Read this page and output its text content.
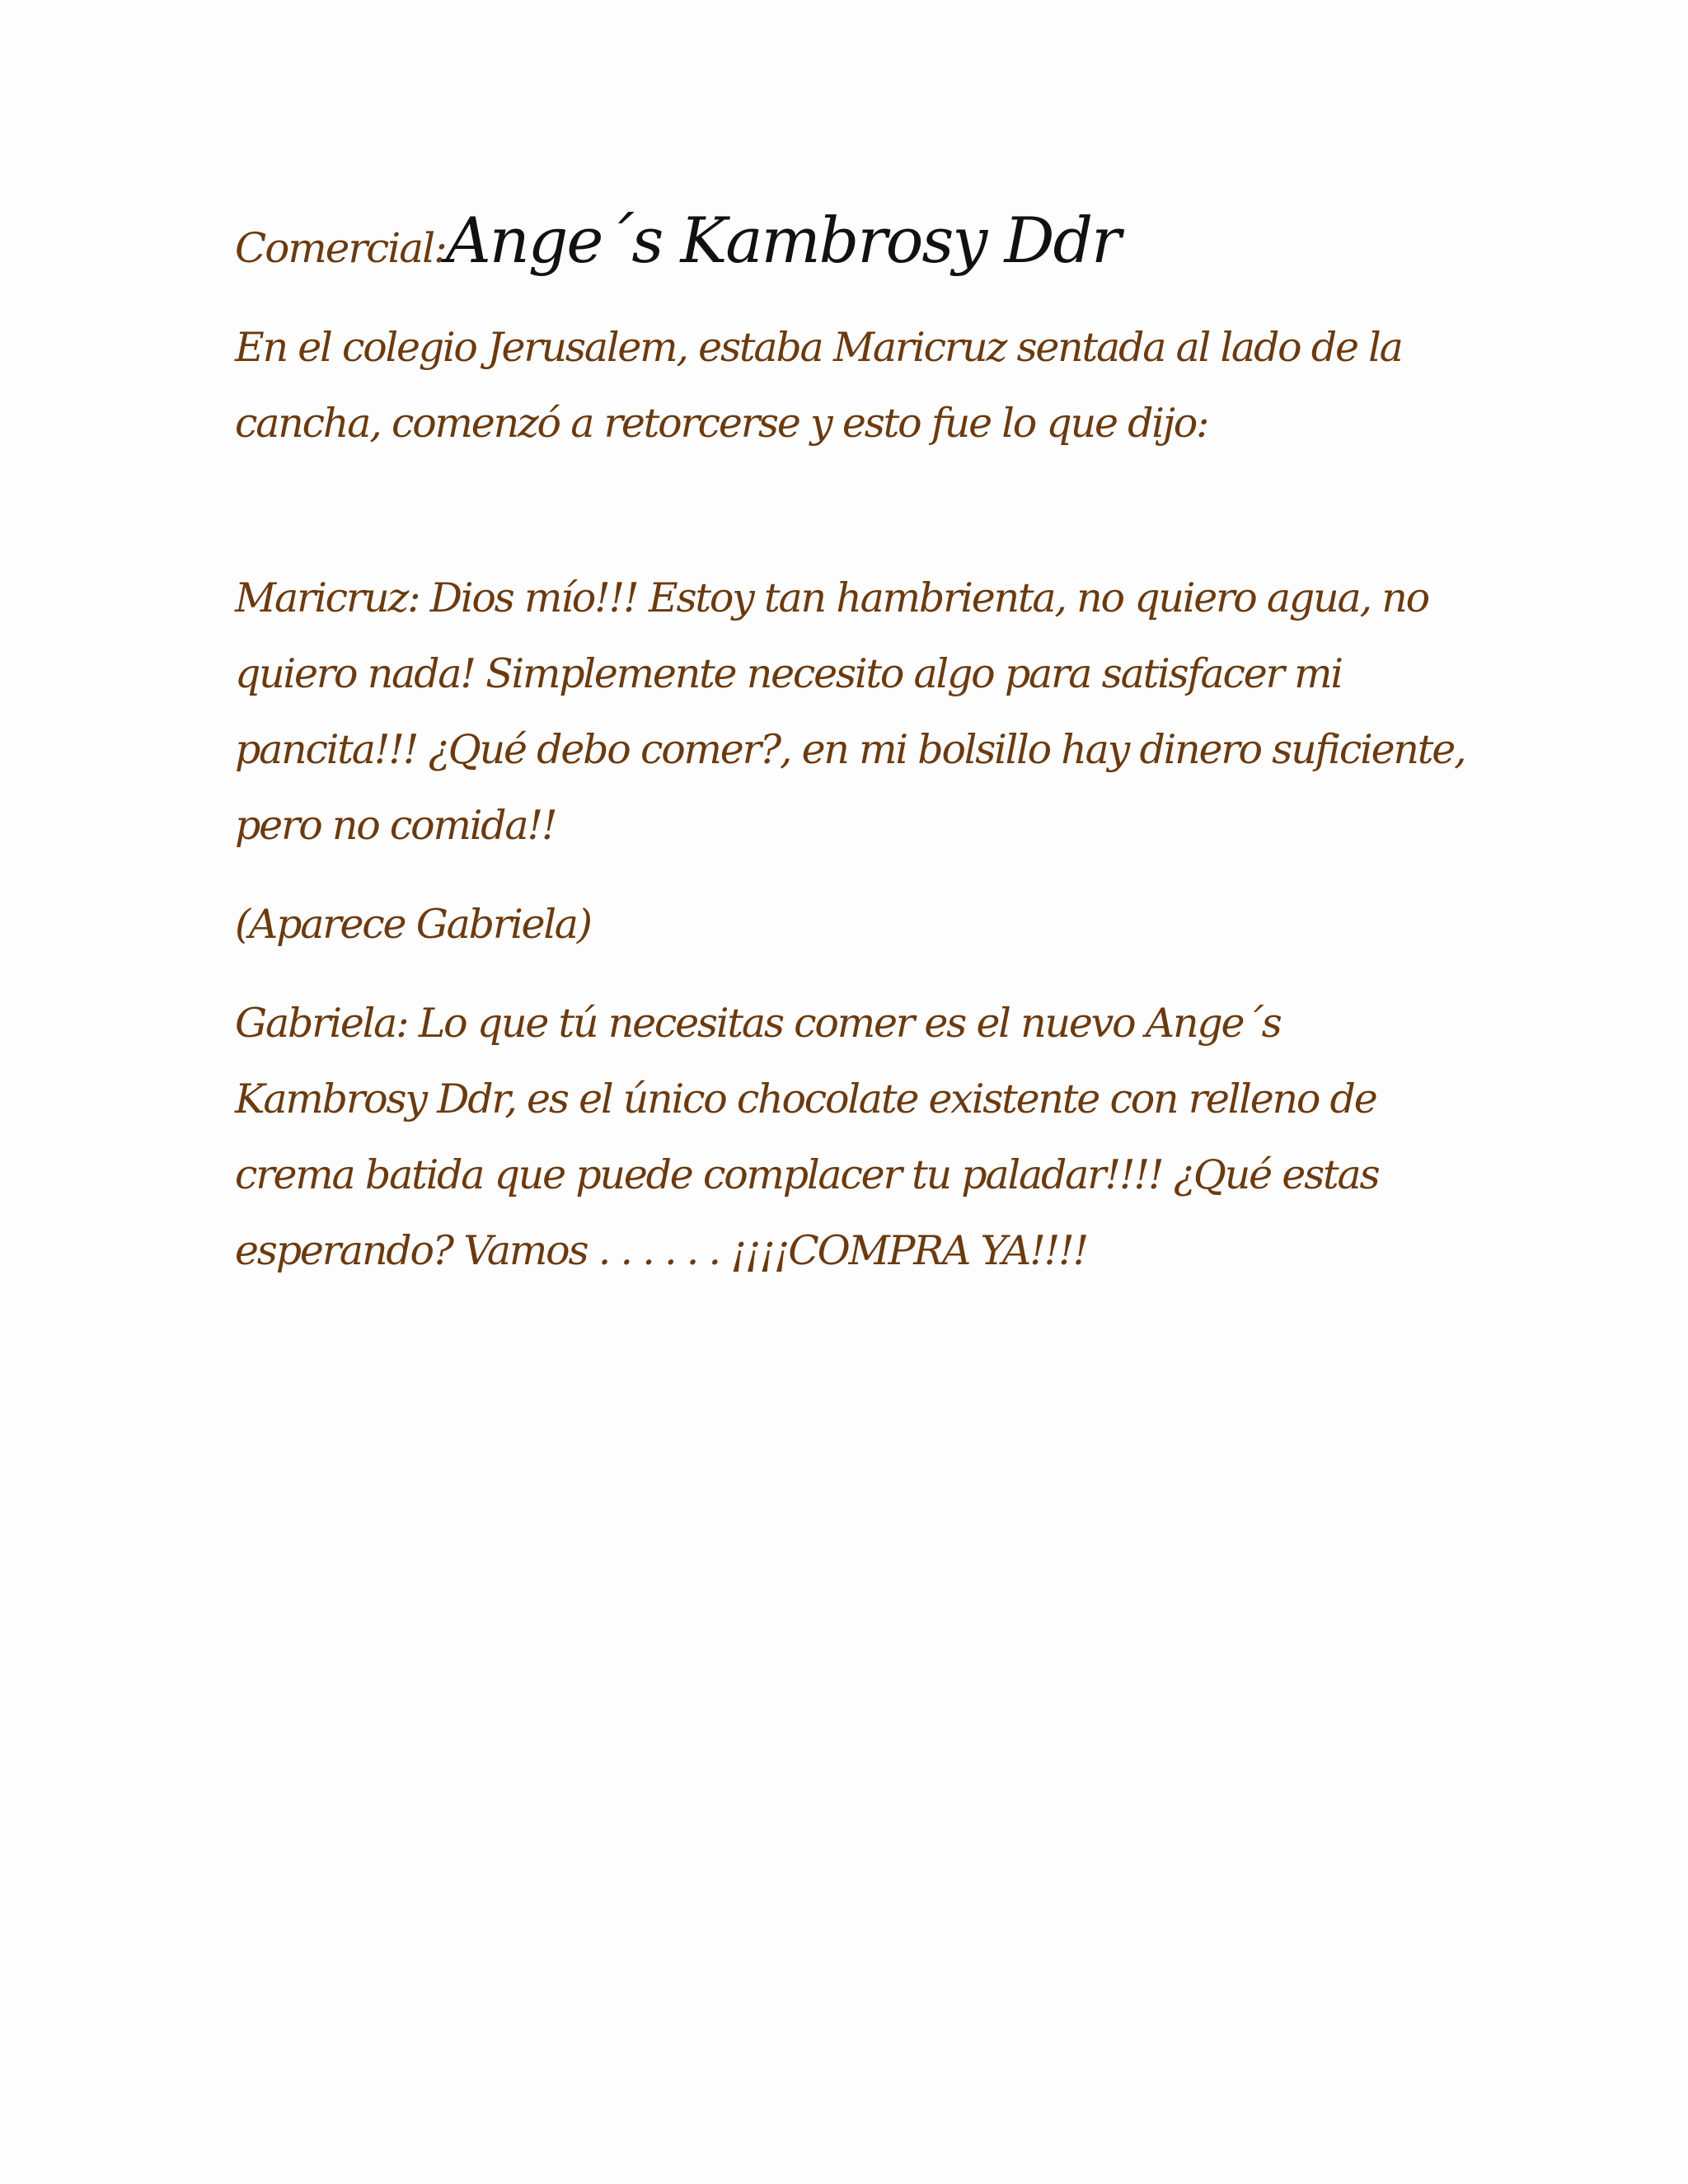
Comercial:Ange´s Kambrosy Ddr

En el colegio Jerusalem, estaba Maricruz sentada al lado de la cancha, comenzó a retorcerse y esto fue lo que dijo:

Maricruz: Dios mío!!! Estoy tan hambrienta, no quiero agua, no quiero nada! Simplemente necesito algo para satisfacer mi pancita!!! ¿Qué debo comer?, en mi bolsillo hay dinero suficiente, pero no comida!!

(Aparece Gabriela)

Gabriela: Lo que tú necesitas comer es el nuevo Ange´s Kambrosy Ddr, es el único chocolate existente con relleno de crema batida que puede complacer tu paladar!!!! ¿Qué estas esperando? Vamos . . . . . . ¡¡¡¡COMPRA YA!!!!
